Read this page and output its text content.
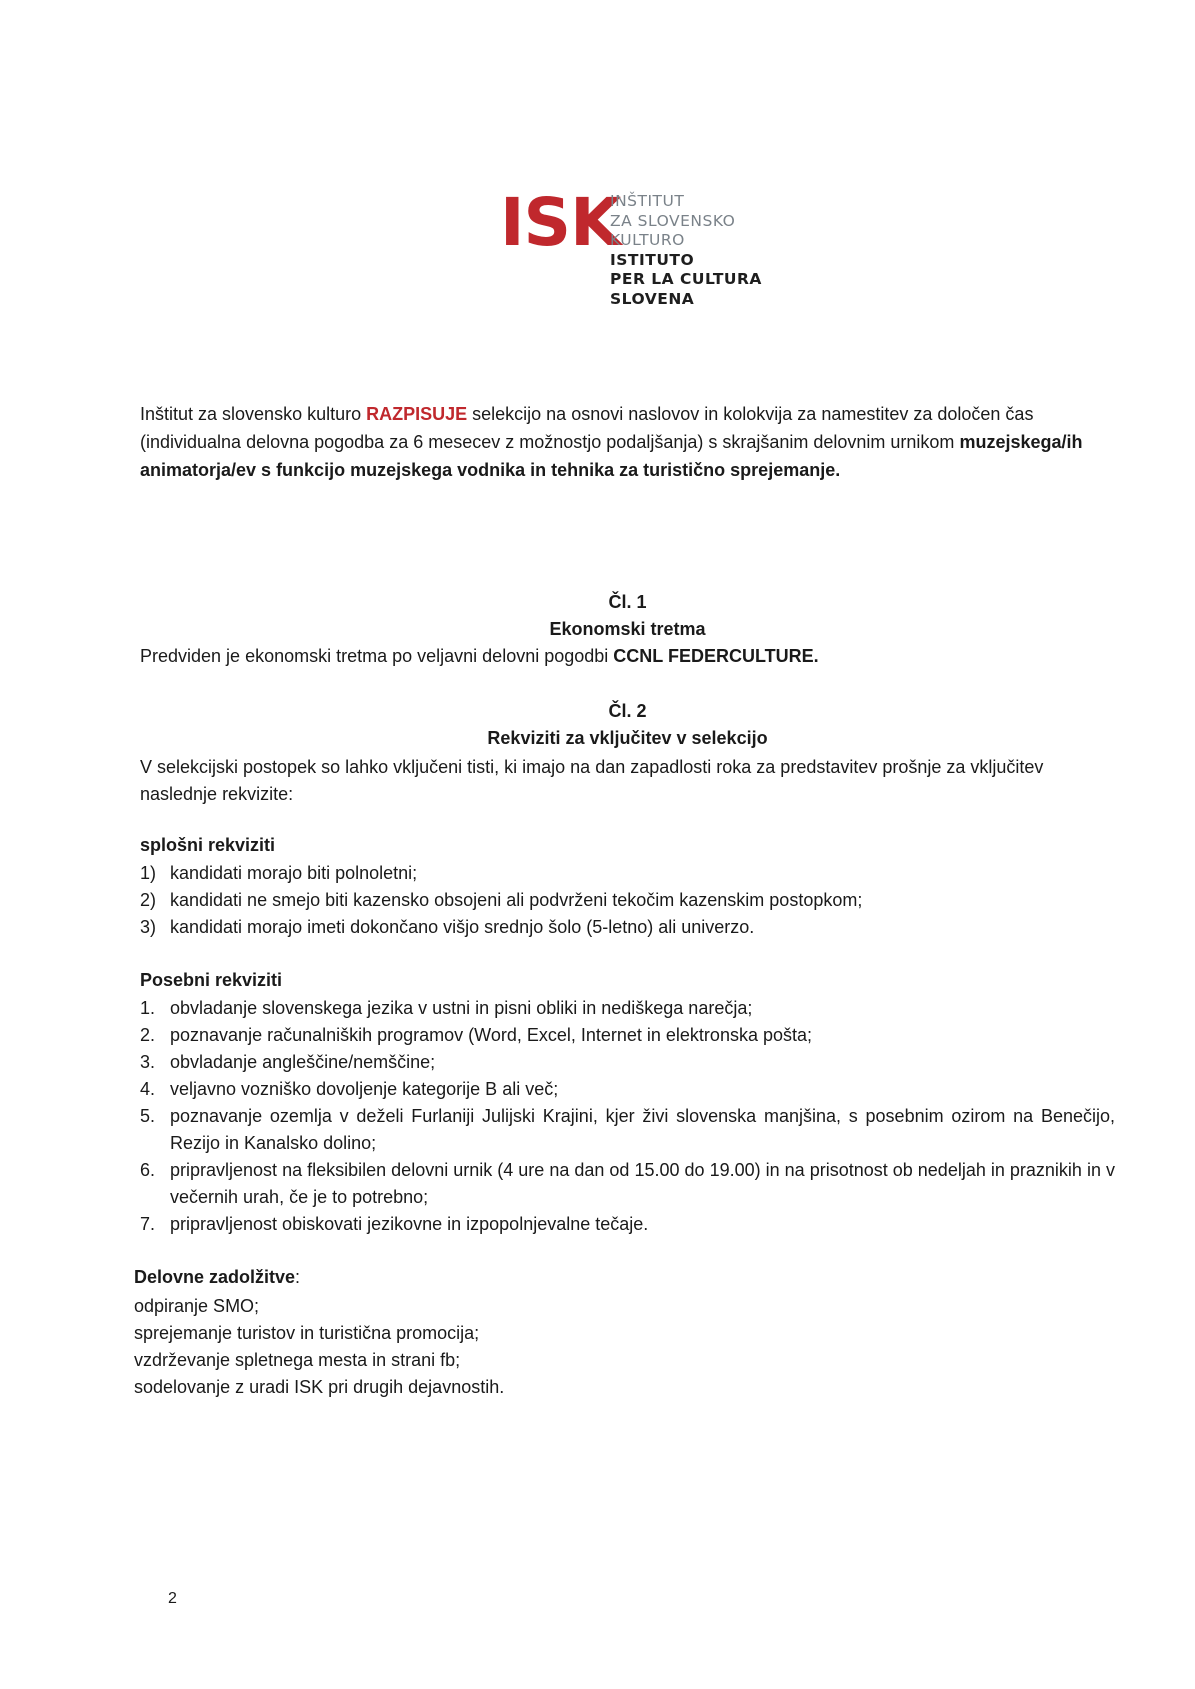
ISK
INŠTITUT
ZA SLOVENSKO
KULTURO
ISTITUTO
PER LA CULTURA
SLOVENA
Inštitut za slovensko kulturo RAZPISUJE selekcijo na osnovi naslovov in kolokvija za namestitev za določen čas (individualna delovna pogodba za 6 mesecev z možnostjo podaljšanja) s skrajšanim delovnim urnikom muzejskega/ih animatorja/ev s funkcijo muzejskega vodnika in tehnika za turistično sprejemanje.
Čl. 1
Ekonomski tretma
Predviden je ekonomski tretma po veljavni delovni pogodbi CCNL FEDERCULTURE.
Čl. 2
Rekviziti za vključitev v selekcijo
V selekcijski postopek so lahko vključeni tisti, ki imajo na dan zapadlosti roka za predstavitev prošnje za vključitev naslednje rekvizite:
splošni rekviziti
1) kandidati morajo biti polnoletni;
2) kandidati ne smejo biti kazensko obsojeni ali podvrženi tekočim kazenskim postopkom;
3) kandidati morajo imeti dokončano višjo srednjo šolo (5-letno) ali univerzo.
Posebni rekviziti
1. obvladanje slovenskega jezika v ustni in pisni obliki in nediškega narečja;
2. poznavanje računalniških programov (Word, Excel, Internet in elektronska pošta;
3. obvladanje angleščine/nemščine;
4. veljavno vozniško dovoljenje kategorije B ali več;
5. poznavanje ozemlja v deželi Furlaniji Julijski Krajini, kjer živi slovenska manjšina, s posebnim ozirom na Benečijo, Rezijo in Kanalsko dolino;
6. pripravljenost na fleksibilen delovni urnik (4 ure na dan od 15.00 do 19.00) in na prisotnost ob nedeljah in praznikih in v večernih urah, če je to potrebno;
7. pripravljenost obiskovati jezikovne in izpopolnjevalne tečaje.
Delovne zadolžitve:
odpiranje SMO;
sprejemanje turistov in turistična promocija;
vzdrževanje spletnega mesta in strani fb;
sodelovanje z uradi ISK pri drugih dejavnostih.
2
